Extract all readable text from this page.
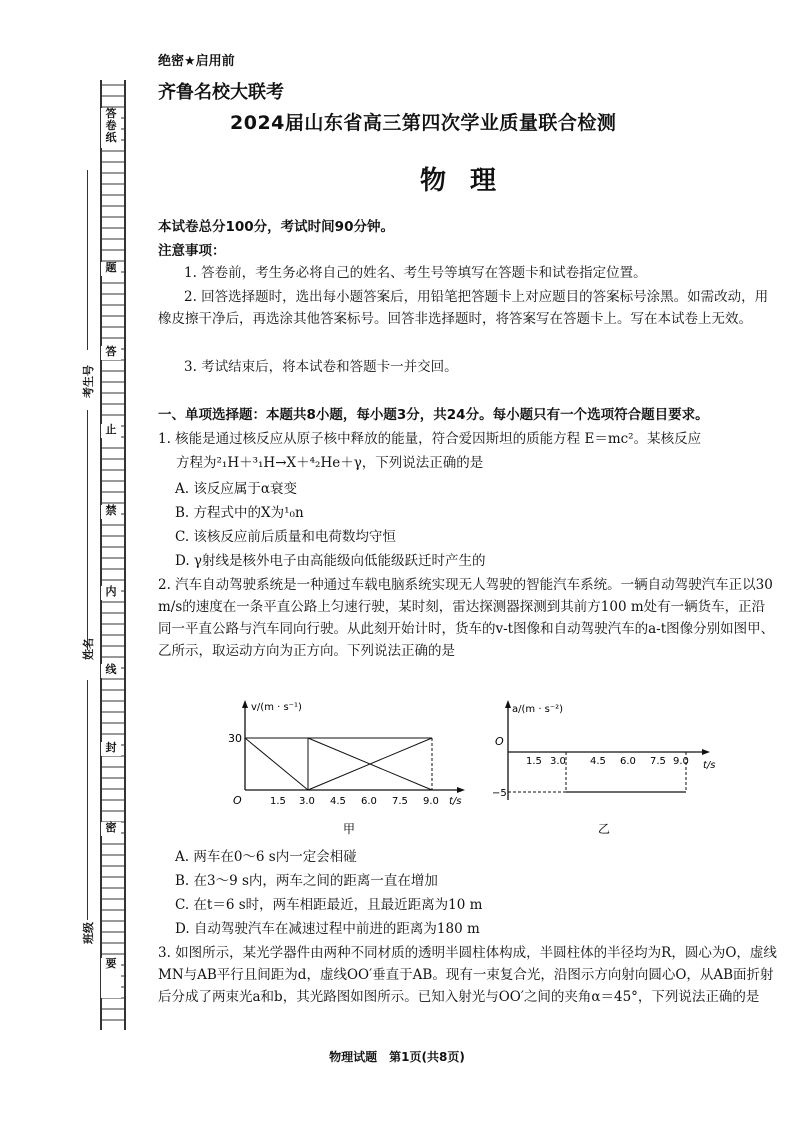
答卷纸
题
答
止
禁
内
线
封
密
要
考生号
姓名
班级
绝密★启用前
齐鲁名校大联考
2024届山东省高三第四次学业质量联合检测
物理
本试卷总分100分，考试时间90分钟。
注意事项：
1. 答卷前，考生务必将自己的姓名、考生号等填写在答题卡和试卷指定位置。
2. 回答选择题时，选出每小题答案后，用铅笔把答题卡上对应题目的答案标号涂黑。如需改动，用橡皮擦干净后，再选涂其他答案标号。回答非选择题时，将答案写在答题卡上。写在本试卷上无效。
3. 考试结束后，将本试卷和答题卡一并交回。
一、单项选择题：本题共8小题，每小题3分，共24分。每小题只有一个选项符合题目要求。
1. 核能是通过核反应从原子核中释放的能量，符合爱因斯坦的质能方程 E＝mc²。某核反应
方程为²₁H＋³₁H→X＋⁴₂He＋γ，下列说法正确的是
A. 该反应属于α衰变
B. 方程式中的X为¹₀n
C. 该核反应前后质量和电荷数均守恒
D. γ射线是核外电子由高能级向低能级跃迁时产生的
2. 汽车自动驾驶系统是一种通过车载电脑系统实现无人驾驶的智能汽车系统。一辆自动驾驶汽车正以30 m/s的速度在一条平直公路上匀速行驶，某时刻，雷达探测器探测到其前方100 m处有一辆货车，正沿同一平直公路与汽车同向行驶。从此刻开始计时，货车的v-t图像和自动驾驶汽车的a-t图像分别如图甲、乙所示，取运动方向为正方向。下列说法正确的是
v/(m · s⁻¹)
30
O	1.5 3.0 4.5 6.0 7.5 9.0 t/s
甲
a/(m · s⁻²)
O
−5
1.5 3.0 4.5 6.0 7.5 9.0 t/s
乙
A. 两车在0～6 s内一定会相碰
B. 在3～9 s内，两车之间的距离一直在增加
C. 在t＝6 s时，两车相距最近，且最近距离为10 m
D. 自动驾驶汽车在减速过程中前进的距离为180 m
3. 如图所示，某光学器件由两种不同材质的透明半圆柱体构成，半圆柱体的半径均为R，圆心为O，虚线MN与AB平行且间距为d，虚线OO′垂直于AB。现有一束复合光，沿图示方向射向圆心O，从AB面折射后分成了两束光a和b，其光路图如图所示。已知入射光与OO′之间的夹角α＝45°，下列说法正确的是
物理试题　第1页(共8页)
